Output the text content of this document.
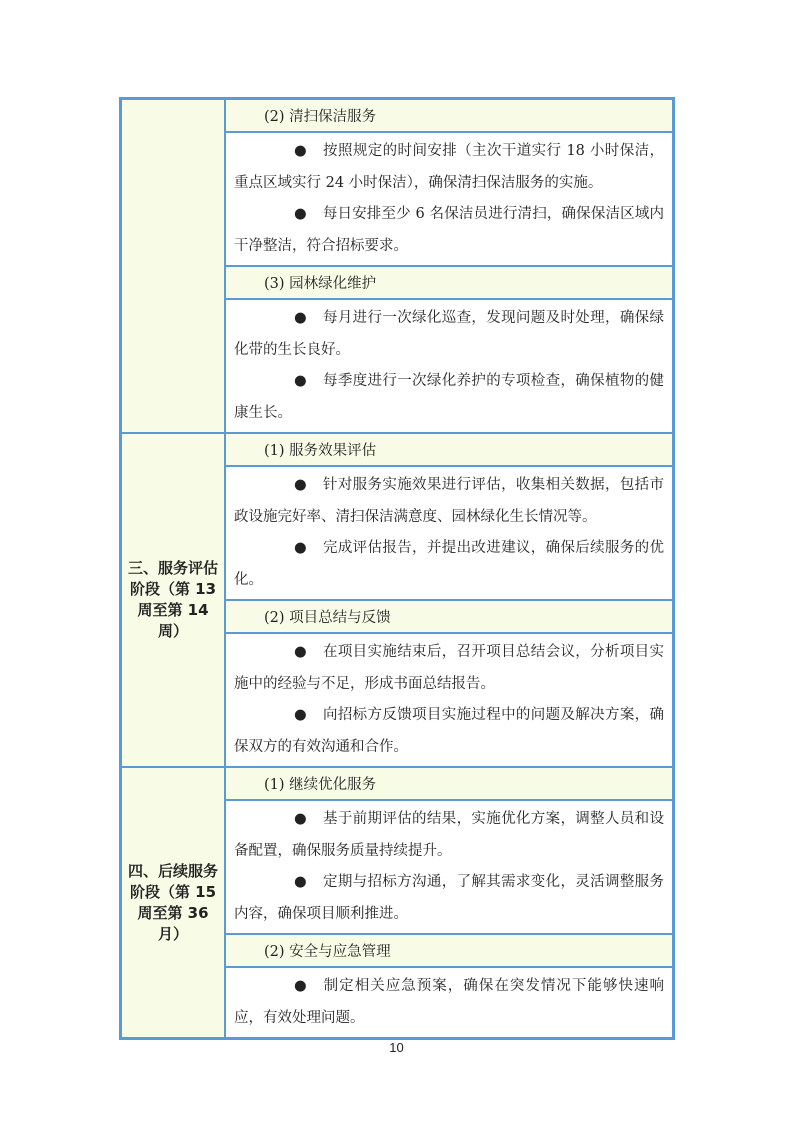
	(2) 清扫保洁服务

	● 按照规定的时间安排（主次干道实行 18 小时保洁，重点区域实行 24 小时保洁），确保清扫保洁服务的实施。

● 每日安排至少 6 名保洁员进行清扫，确保保洁区域内干净整洁，符合招标要求。

	(3) 园林绿化维护

	● 每月进行一次绿化巡查，发现问题及时处理，确保绿化带的生长良好。

● 每季度进行一次绿化养护的专项检查，确保植物的健康生长。

三、服务评估阶段（第 13 周至第 14 周）	(1) 服务效果评估

	● 针对服务实施效果进行评估，收集相关数据，包括市政设施完好率、清扫保洁满意度、园林绿化生长情况等。

● 完成评估报告，并提出改进建议，确保后续服务的优化。

	(2) 项目总结与反馈

	● 在项目实施结束后，召开项目总结会议，分析项目实施中的经验与不足，形成书面总结报告。

● 向招标方反馈项目实施过程中的问题及解决方案，确保双方的有效沟通和合作。

四、后续服务阶段（第 15 周至第 36 月）	(1) 继续优化服务

	● 基于前期评估的结果，实施优化方案，调整人员和设备配置，确保服务质量持续提升。

● 定期与招标方沟通，了解其需求变化，灵活调整服务内容，确保项目顺利推进。

	(2) 安全与应急管理

	● 制定相关应急预案，确保在突发情况下能够快速响应，有效处理问题。

10
